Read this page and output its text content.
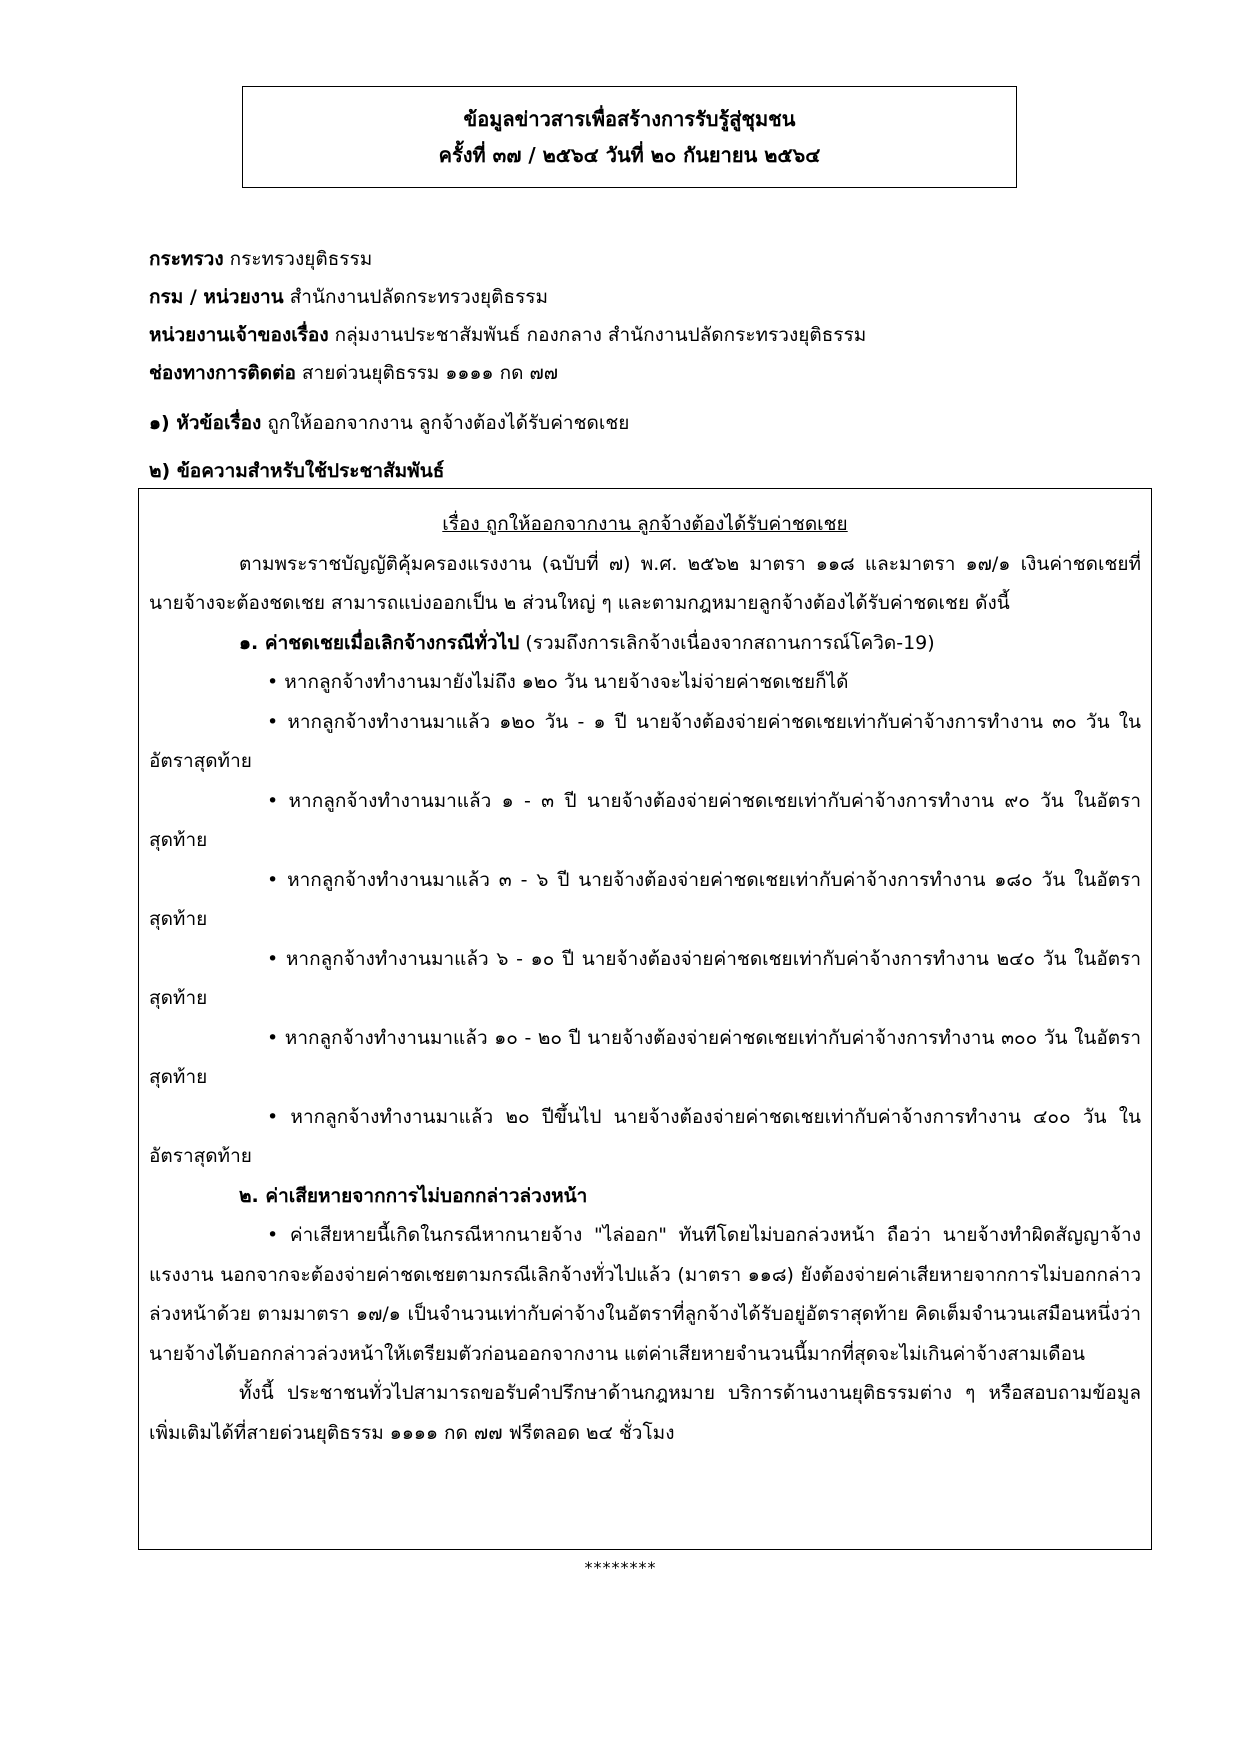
ข้อมูลข่าวสารเพื่อสร้างการรับรู้สู่ชุมชน
ครั้งที่ ๓๗ / ๒๕๖๔ วันที่ ๒๐ กันยายน ๒๕๖๔
กระทรวง กระทรวงยุติธรรม
กรม / หน่วยงาน สำนักงานปลัดกระทรวงยุติธรรม
หน่วยงานเจ้าของเรื่อง กลุ่มงานประชาสัมพันธ์ กองกลาง สำนักงานปลัดกระทรวงยุติธรรม
ช่องทางการติดต่อ สายด่วนยุติธรรม ๑๑๑๑ กด ๗๗
๑) หัวข้อเรื่อง ถูกให้ออกจากงาน ลูกจ้างต้องได้รับค่าชดเชย
๒) ข้อความสำหรับใช้ประชาสัมพันธ์
เรื่อง ถูกให้ออกจากงาน ลูกจ้างต้องได้รับค่าชดเชย
ตามพระราชบัญญัติคุ้มครองแรงงาน (ฉบับที่ ๗) พ.ศ. ๒๕๖๒ มาตรา ๑๑๘ และมาตรา ๑๗/๑ เงินค่าชดเชยที่นายจ้างจะต้องชดเชย สามารถแบ่งออกเป็น ๒ ส่วนใหญ่ ๆ และตามกฎหมายลูกจ้างต้องได้รับค่าชดเชย ดังนี้
๑. ค่าชดเชยเมื่อเลิกจ้างกรณีทั่วไป (รวมถึงการเลิกจ้างเนื่องจากสถานการณ์โควิด-19)
• หากลูกจ้างทำงานมายังไม่ถึง ๑๒๐ วัน นายจ้างจะไม่จ่ายค่าชดเชยก็ได้
• หากลูกจ้างทำงานมาแล้ว ๑๒๐ วัน - ๑ ปี นายจ้างต้องจ่ายค่าชดเชยเท่ากับค่าจ้างการทำงาน ๓๐ วัน ในอัตราสุดท้าย
• หากลูกจ้างทำงานมาแล้ว ๑ - ๓ ปี นายจ้างต้องจ่ายค่าชดเชยเท่ากับค่าจ้างการทำงาน ๙๐ วัน ในอัตราสุดท้าย
• หากลูกจ้างทำงานมาแล้ว ๓ - ๖ ปี นายจ้างต้องจ่ายค่าชดเชยเท่ากับค่าจ้างการทำงาน ๑๘๐ วัน ในอัตราสุดท้าย
• หากลูกจ้างทำงานมาแล้ว ๖ - ๑๐ ปี นายจ้างต้องจ่ายค่าชดเชยเท่ากับค่าจ้างการทำงาน ๒๔๐ วัน ในอัตราสุดท้าย
• หากลูกจ้างทำงานมาแล้ว ๑๐ - ๒๐ ปี นายจ้างต้องจ่ายค่าชดเชยเท่ากับค่าจ้างการทำงาน ๓๐๐ วัน ในอัตราสุดท้าย
• หากลูกจ้างทำงานมาแล้ว ๒๐ ปีขึ้นไป นายจ้างต้องจ่ายค่าชดเชยเท่ากับค่าจ้างการทำงาน ๔๐๐ วัน ในอัตราสุดท้าย
๒. ค่าเสียหายจากการไม่บอกกล่าวล่วงหน้า
• ค่าเสียหายนี้เกิดในกรณีหากนายจ้าง "ไล่ออก" ทันทีโดยไม่บอกล่วงหน้า ถือว่า นายจ้างทำผิดสัญญาจ้างแรงงาน นอกจากจะต้องจ่ายค่าชดเชยตามกรณีเลิกจ้างทั่วไปแล้ว (มาตรา ๑๑๘) ยังต้องจ่ายค่าเสียหายจากการไม่บอกกล่าวล่วงหน้าด้วย ตามมาตรา ๑๗/๑ เป็นจำนวนเท่ากับค่าจ้างในอัตราที่ลูกจ้างได้รับอยู่อัตราสุดท้าย คิดเต็มจำนวนเสมือนหนึ่งว่านายจ้างได้บอกกล่าวล่วงหน้าให้เตรียมตัวก่อนออกจากงาน แต่ค่าเสียหายจำนวนนี้มากที่สุดจะไม่เกินค่าจ้างสามเดือน
ทั้งนี้ ประชาชนทั่วไปสามารถขอรับคำปรึกษาด้านกฎหมาย บริการด้านงานยุติธรรมต่าง ๆ หรือสอบถามข้อมูลเพิ่มเติมได้ที่สายด่วนยุติธรรม ๑๑๑๑ กด ๗๗ ฟรีตลอด ๒๔ ชั่วโมง
********
